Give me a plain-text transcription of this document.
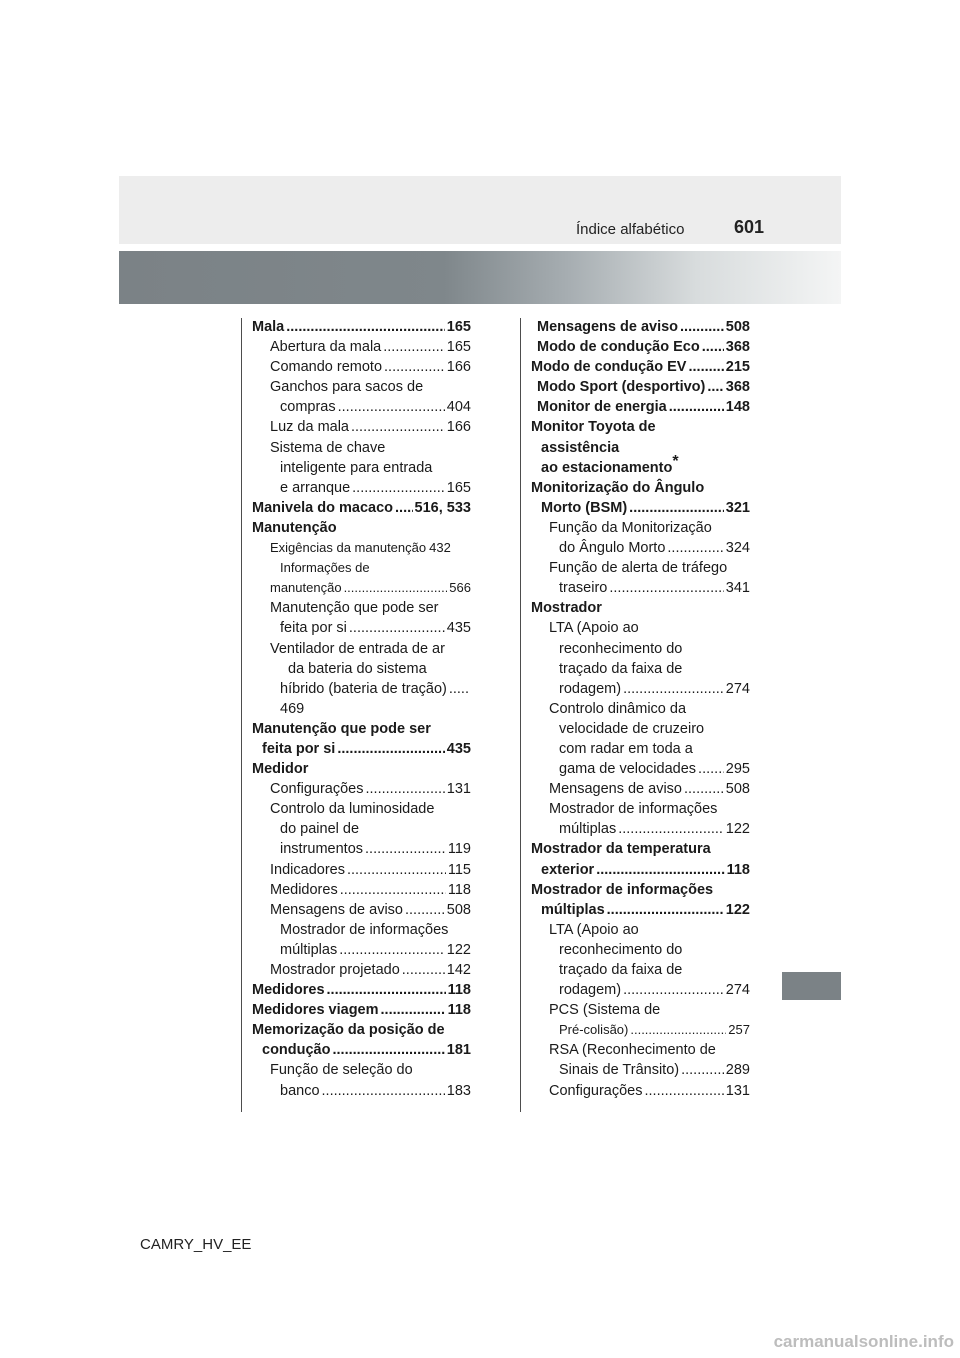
Índice alfabético	601
Mala .....	165
Abertura da mala .....	165
Comando remoto .....	166
Ganchos para sacos de
compras .....	404
Luz da mala .....	166
Sistema de chave
inteligente para entrada
e arranque .....	165
Manivela do macaco ..... 516, 533
Manutenção
Exigências da manutenção 432
Informações de
manutenção .....	566
Manutenção que pode ser
feita por si .....	435
Ventilador de entrada de ar
da bateria do sistema
híbrido (bateria de tração)
.....
469
Manutenção que pode ser
feita por si .....	435
Medidor
Configurações .....	131
Controlo da luminosidade
do painel de
instrumentos .....	119
Indicadores .....	115
Medidores .....	118
Mensagens de aviso .....	508
Mostrador de informações
múltiplas .....	122
Mostrador projetado .....	142
Medidores .....	118
Medidores viagem .....	118
Memorização da posição de
condução .....	181
Função de seleção do
banco .....	183
Mensagens de aviso .....	508
Modo de condução Eco ..... 368
Modo de condução EV .....	215
Modo Sport (desportivo) ..... 368
Monitor de energia .....	148
Monitor Toyota de
assistência
ao estacionamento*
Monitorização do Ângulo
Morto (BSM) .....	321
Função da Monitorização
do Ângulo Morto .....	324
Função de alerta de tráfego
traseiro .....	341
Mostrador
LTA (Apoio ao
reconhecimento do
traçado da faixa de
rodagem) .....	274
Controlo dinâmico da
velocidade de cruzeiro
com radar em toda a
gama de velocidades ..... 295
Mensagens de aviso .....	508
Mostrador de informações
múltiplas .....	122
Mostrador da temperatura
exterior .....	118
Mostrador de informações
múltiplas .....	122
LTA (Apoio ao
reconhecimento do
traçado da faixa de
rodagem) .....	274
PCS (Sistema de
Pré-colisão) .....	257
RSA (Reconhecimento de
Sinais de Trânsito) .....	289
Configurações .....	131
CAMRY_HV_EE
carmanualsonline.info
